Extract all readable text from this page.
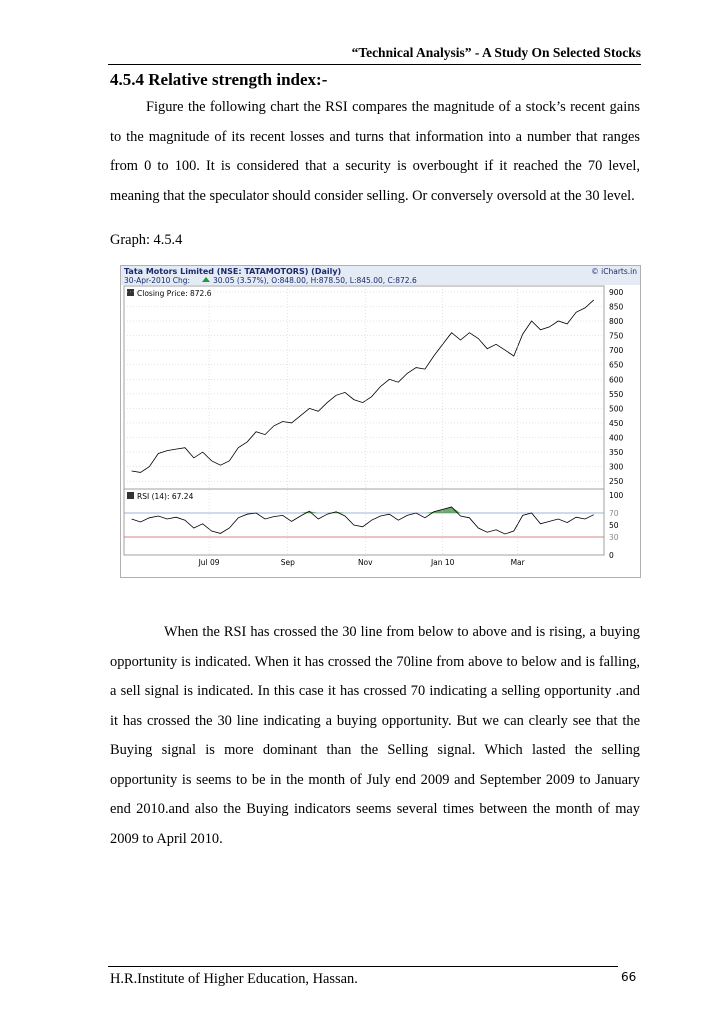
“Technical Analysis” - A Study On Selected Stocks
4.5.4 Relative strength index:-

Figure the following chart the RSI compares the magnitude of a stock’s recent gains to the magnitude of its recent losses and turns that information into a number that ranges from 0 to 100. It is considered that a security is overbought if it reached the 70 level, meaning that the speculator should consider selling. Or conversely oversold at the 30 level.

Graph: 4.5.4
Tata Motors Limited (NSE: TATAMOTORS) (Daily)
30-Apr-2010 Chg:	30.05 (3.57%), O:848.00, H:878.50, L:845.00, C:872.6
© iCharts.in
Closing Price: 872.6	900
850
800
750
700
650
600
550
500
450
400
350
300
250
RSI (14): 67.24	100
70
50
30
0
Jul 09	Sep	Nov	Jan 10	Mar

When the RSI has crossed the 30 line from below to above and is rising, a buying opportunity is indicated. When it has crossed the 70line from above to below and is falling, a sell signal is indicated. In this case it has crossed 70 indicating a selling opportunity .and it has crossed the 30 line indicating a buying opportunity. But we can clearly see that the Buying signal is more dominant than the Selling signal. Which lasted the selling opportunity is seems to be in the month of July end 2009 and September 2009 to January end 2010.and also the Buying indicators seems several times between the month of may 2009 to April 2010.

H.R.Institute of Higher Education, Hassan.	66
